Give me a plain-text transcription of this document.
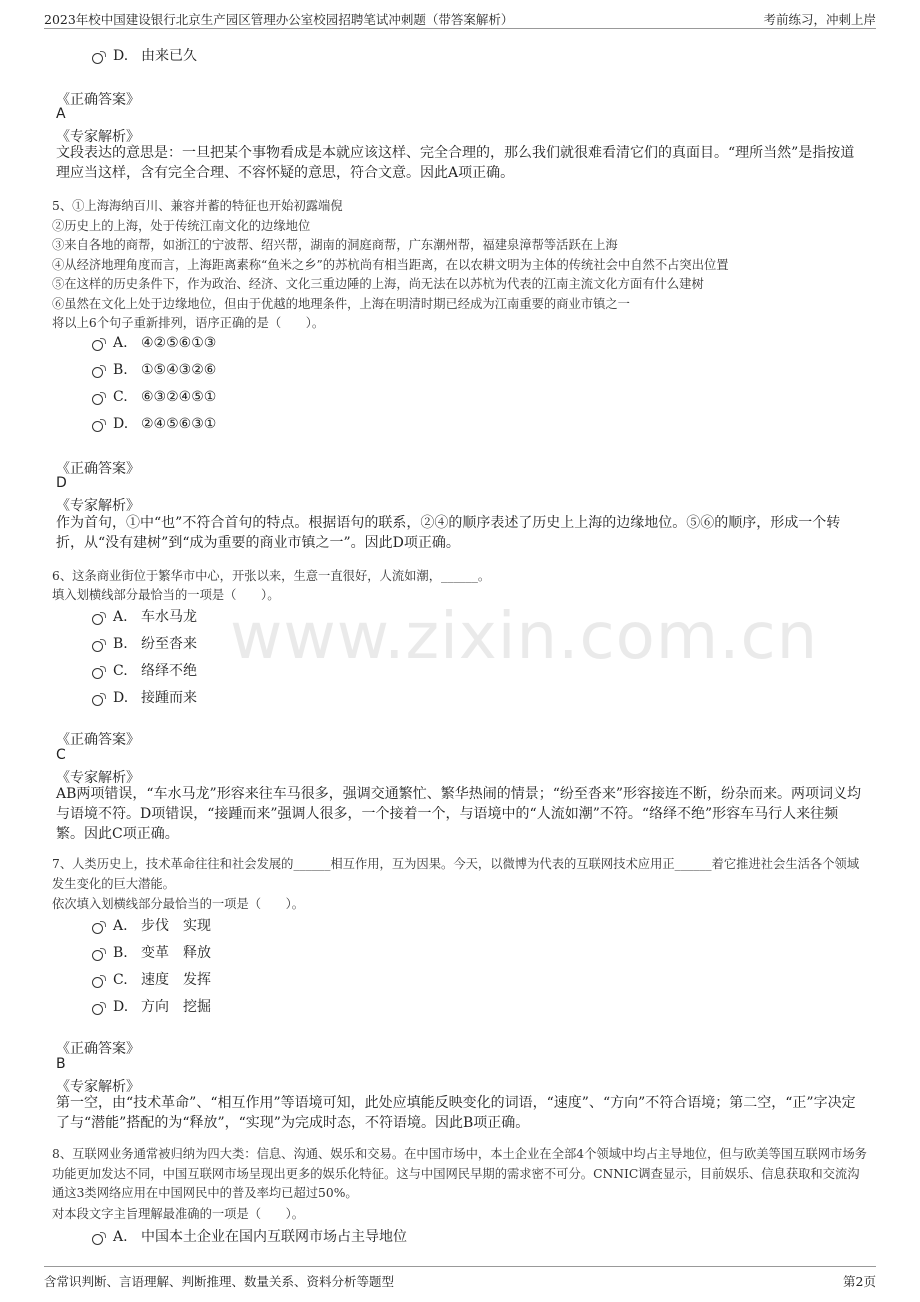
2023年校中国建设银行北京生产园区管理办公室校园招聘笔试冲刺题（带答案解析）	考前练习，冲刺上岸
www.zixin.com.cn
D. 由来已久
《正确答案》
A
《专家解析》
文段表达的意思是：一旦把某个事物看成是本就应该这样、完全合理的，那么我们就很难看清它们的真面目。“理所当然”是指按道理应当这样，含有完全合理、不容怀疑的意思，符合文意。因此A项正确。
5、①上海海纳百川、兼容并蓄的特征也开始初露端倪
②历史上的上海，处于传统江南文化的边缘地位
③来自各地的商帮，如浙江的宁波帮、绍兴帮，湖南的洞庭商帮，广东潮州帮，福建泉漳帮等活跃在上海
④从经济地理角度而言，上海距离素称“鱼米之乡”的苏杭尚有相当距离，在以农耕文明为主体的传统社会中自然不占突出位置
⑤在这样的历史条件下，作为政治、经济、文化三重边陲的上海，尚无法在以苏杭为代表的江南主流文化方面有什么建树
⑥虽然在文化上处于边缘地位，但由于优越的地理条件，上海在明清时期已经成为江南重要的商业市镇之一
将以上6个句子重新排列，语序正确的是（　　）。
A. ④②⑤⑥①③
B. ①⑤④③②⑥
C. ⑥③②④⑤①
D. ②④⑤⑥③①
《正确答案》
D
《专家解析》
作为首句，①中“也”不符合首句的特点。根据语句的联系，②④的顺序表述了历史上上海的边缘地位。⑤⑥的顺序，形成一个转折，从“没有建树”到“成为重要的商业市镇之一”。因此D项正确。
6、这条商业街位于繁华市中心，开张以来，生意一直很好，人流如潮，______。
填入划横线部分最恰当的一项是（　　）。
A. 车水马龙
B. 纷至沓来
C. 络绎不绝
D. 接踵而来
《正确答案》
C
《专家解析》
AB两项错误，“车水马龙”形容来往车马很多，强调交通繁忙、繁华热闹的情景；“纷至沓来”形容接连不断，纷杂而来。两项词义均与语境不符。D项错误，“接踵而来”强调人很多，一个接着一个，与语境中的“人流如潮”不符。“络绎不绝”形容车马行人来往频繁。因此C项正确。
7、人类历史上，技术革命往往和社会发展的______相互作用，互为因果。今天，以微博为代表的互联网技术应用正______着它推进社会生活各个领域发生变化的巨大潜能。
依次填入划横线部分最恰当的一项是（　　）。
A. 步伐　实现
B. 变革　释放
C. 速度　发挥
D. 方向　挖掘
《正确答案》
B
《专家解析》
第一空，由“技术革命”、“相互作用”等语境可知，此处应填能反映变化的词语，“速度”、“方向”不符合语境；第二空，“正”字决定了与“潜能”搭配的为“释放”，“实现”为完成时态，不符语境。因此B项正确。
8、互联网业务通常被归纳为四大类：信息、沟通、娱乐和交易。在中国市场中，本土企业在全部4个领域中均占主导地位，但与欧美等国互联网市场务功能更加发达不同，中国互联网市场呈现出更多的娱乐化特征。这与中国网民早期的需求密不可分。CNNIC调查显示，目前娱乐、信息获取和交流沟通这3类网络应用在中国网民中的普及率均已超过50%。
对本段文字主旨理解最准确的一项是（　　）。
A. 中国本土企业在国内互联网市场占主导地位
含常识判断、言语理解、判断推理、数量关系、资料分析等题型	第2页
